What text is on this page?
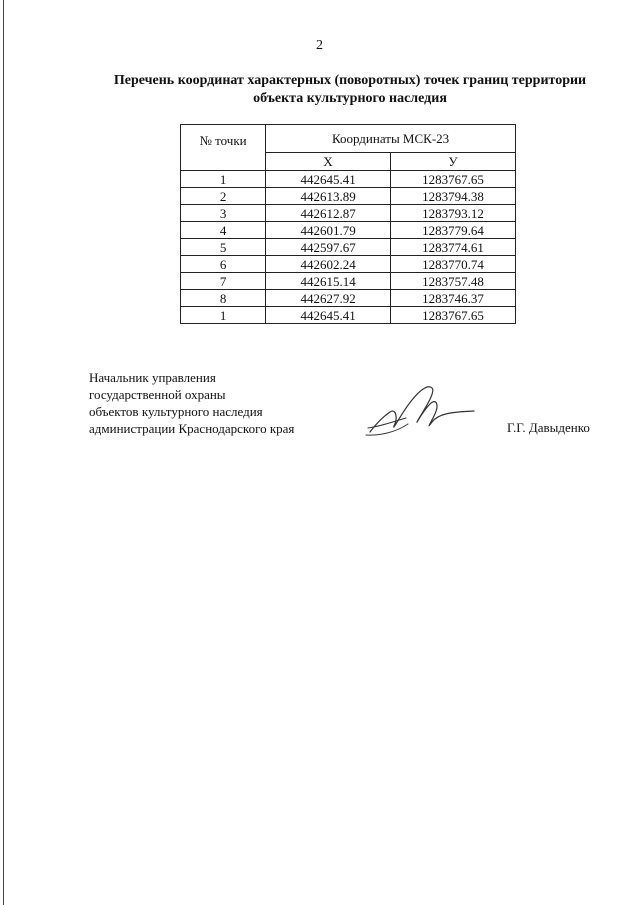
2
Перечень координат характерных (поворотных) точек границ территории
объекта культурного наследия
№ точки	Координаты МСК-23	
	Х	У
1	442645.41	1283767.65
2	442613.89	1283794.38
3	442612.87	1283793.12
4	442601.79	1283779.64
5	442597.67	1283774.61
6	442602.24	1283770.74
7	442615.14	1283757.48
8	442627.92	1283746.37
1	442645.41	1283767.65
Начальник управления
государственной охраны
объектов культурного наследия
администрации Краснодарского края	Г.Г. Давыденко
